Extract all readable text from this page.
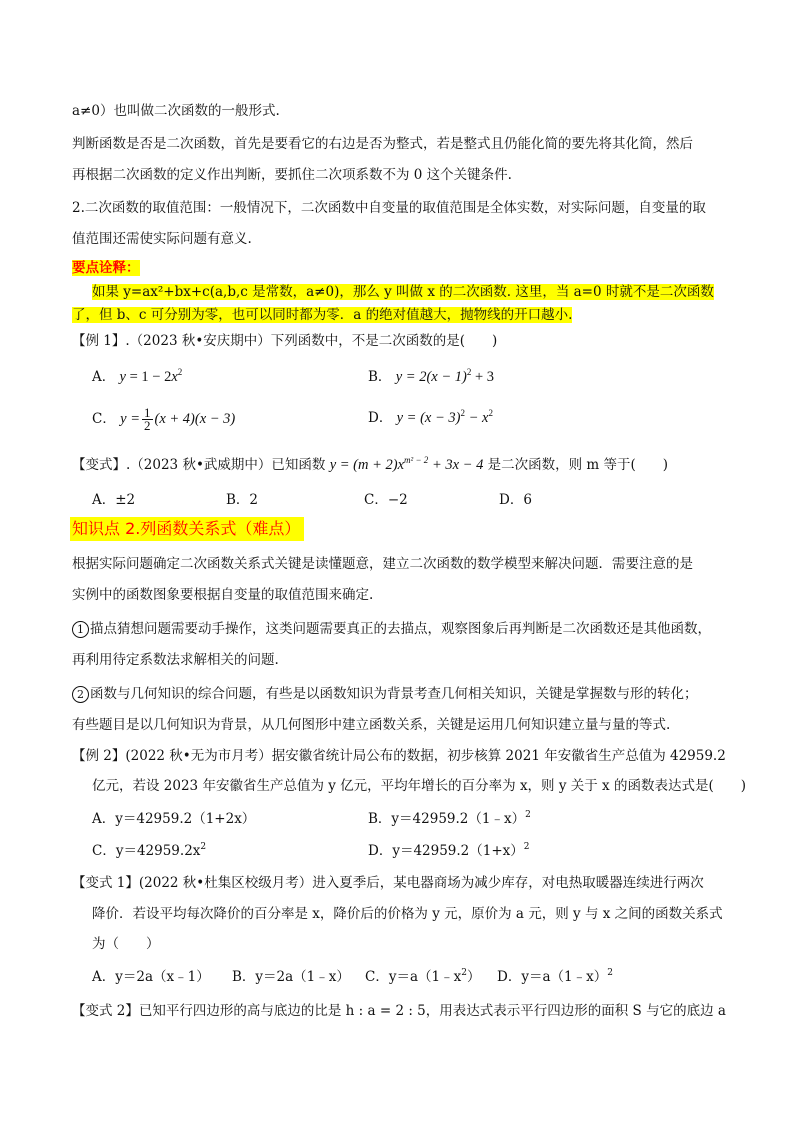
a≠0）也叫做二次函数的一般形式.
判断函数是否是二次函数，首先是要看它的右边是否为整式，若是整式且仍能化简的要先将其化简，然后
再根据二次函数的定义作出判断，要抓住二次项系数不为 0 这个关键条件.
2.二次函数的取值范围：一般情况下，二次函数中自变量的取值范围是全体实数，对实际问题，自变量的取
值范围还需使实际问题有意义.
要点诠释：
如果 y=ax²+bx+c(a,b,c 是常数，a≠0)，那么 y 叫做 x 的二次函数. 这里，当 a=0 时就不是二次函数
了，但 b、c 可分别为零，也可以同时都为零．a 的绝对值越大，抛物线的开口越小.
【例 1】.（2023 秋•安庆期中）下列函数中，不是二次函数的是(　　)
A． $y = 1 - 2x^2$	B． $y = 2(x - 1)^2 + 3$
C． $y = \frac{1}{2} (x + 4)(x - 3)$	D． $y = (x - 3)^2 - x^2$
【变式】.（2023 秋•武威期中）已知函数 $y = (m + 2)x^{m^2 - 2} + 3x - 4$ 是二次函数，则 m 等于(　　)
A．±2	B．2	C．−2	D．6
知识点 2.列函数关系式（难点）
根据实际问题确定二次函数关系式关键是读懂题意，建立二次函数的数学模型来解决问题．需要注意的是
实例中的函数图象要根据自变量的取值范围来确定.
1 描点猜想问题需要动手操作，这类问题需要真正的去描点，观察图象后再判断是二次函数还是其他函数，
再利用待定系数法求解相关的问题.
2 函数与几何知识的综合问题，有些是以函数知识为背景考查几何相关知识，关键是掌握数与形的转化；
有些题目是以几何知识为背景，从几何图形中建立函数关系，关键是运用几何知识建立量与量的等式.
【例 2】(2022 秋•无为市月考）据安徽省统计局公布的数据，初步核算 2021 年安徽省生产总值为 42959.2
亿元，若设 2023 年安徽省生产总值为 y 亿元，平均年增长的百分率为 x，则 y 关于 x 的函数表达式是(　　)
A．y＝42959.2（1+2x）	B．y＝42959.2（1﹣x）$^2$
C．$y=42959.2x^2$	D．$y=42959.2(1+x)^2$
【变式 1】(2022 秋•杜集区校级月考）进入夏季后，某电器商场为减少库存，对电热取暖器连续进行两次
降价．若设平均每次降价的百分率是 x，降价后的价格为 y 元，原价为 a 元，则 y 与 x 之间的函数关系式
为（　　）
A．y＝2a（x﹣1） B．y＝2a（1﹣x） C．$y=a(1﹣x^2)$ D．y＝a（1﹣x）$^2$
【变式 2】已知平行四边形的高与底边的比是 h : a = 2 : 5，用表达式表示平行四边形的面积 S 与它的底边 a
